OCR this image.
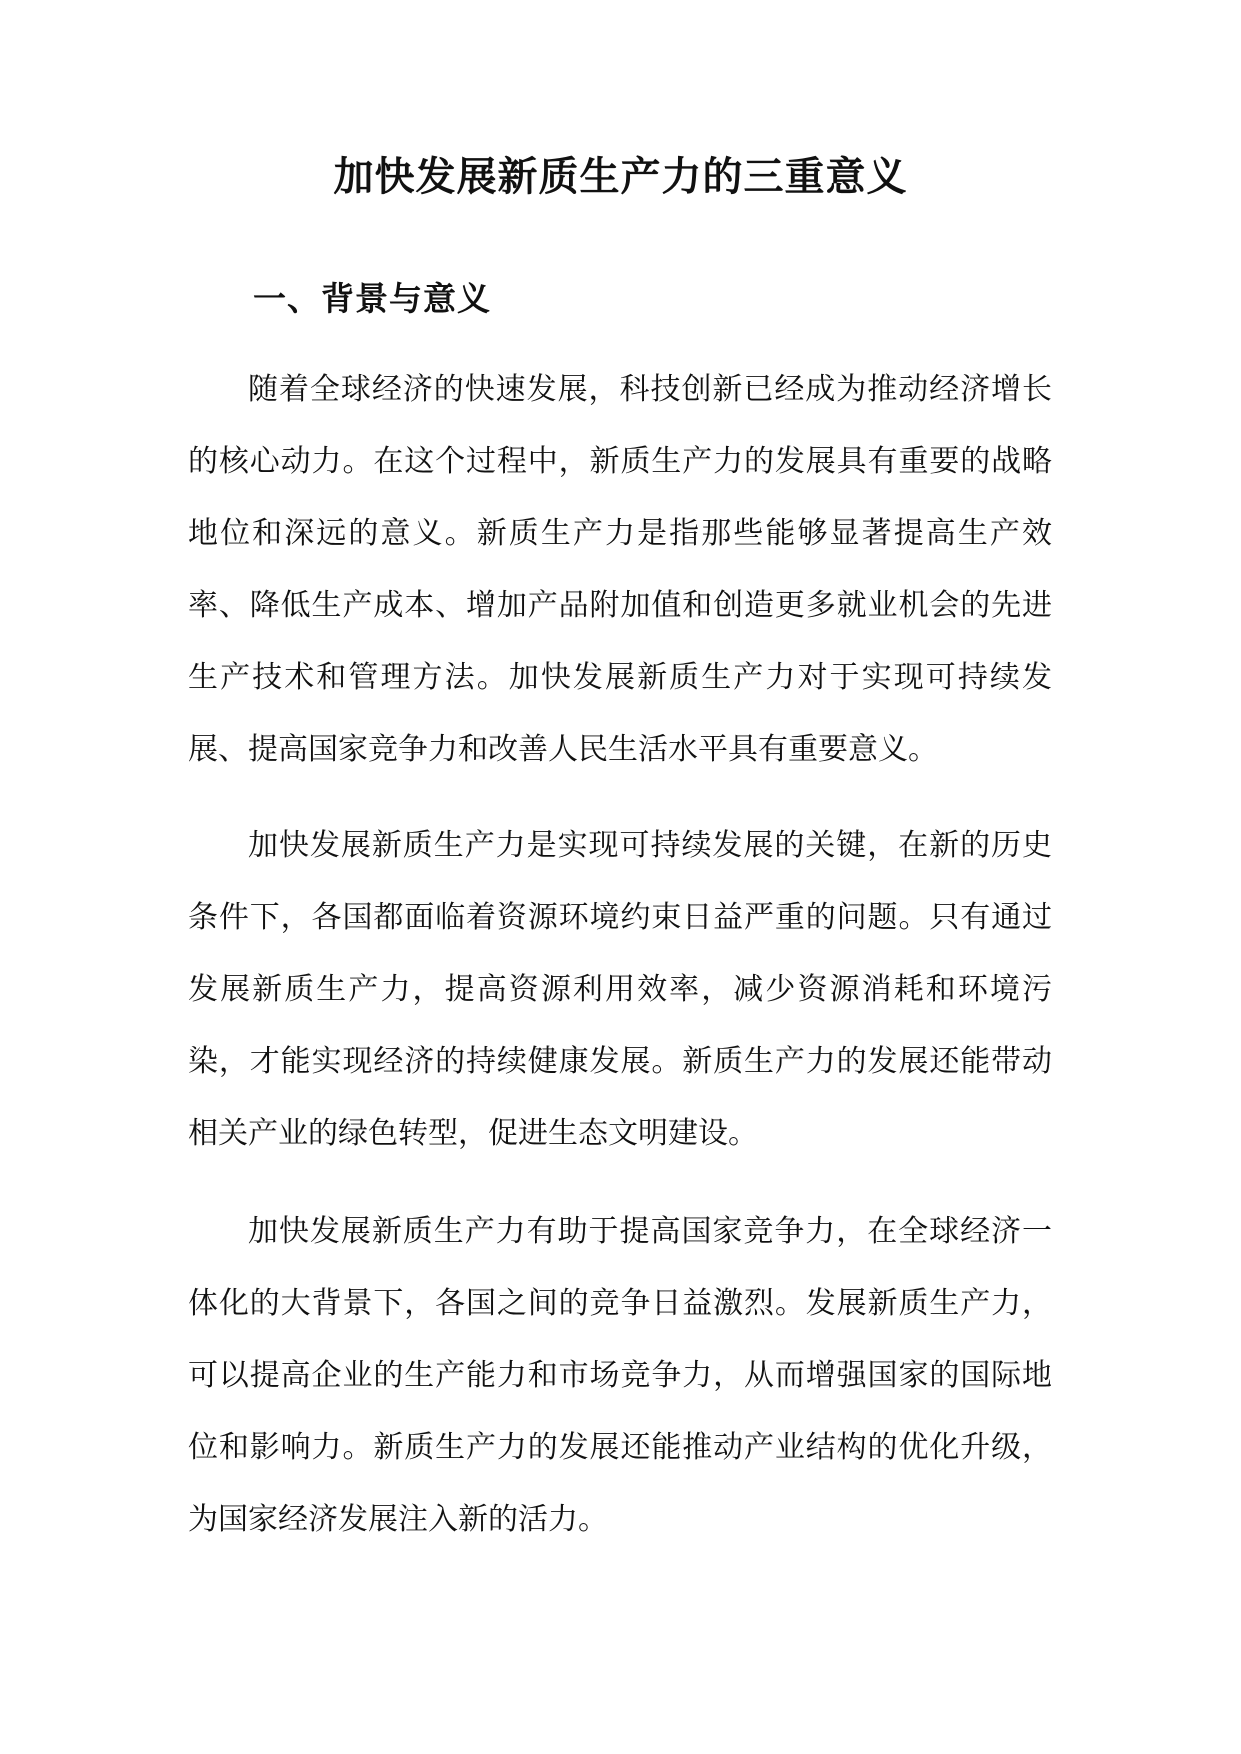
加快发展新质生产力的三重意义
一、背景与意义

随着全球经济的快速发展，科技创新已经成为推动经济增长的核心动力。在这个过程中，新质生产力的发展具有重要的战略地位和深远的意义。新质生产力是指那些能够显著提高生产效率、降低生产成本、增加产品附加值和创造更多就业机会的先进生产技术和管理方法。加快发展新质生产力对于实现可持续发展、提高国家竞争力和改善人民生活水平具有重要意义。

加快发展新质生产力是实现可持续发展的关键，在新的历史条件下，各国都面临着资源环境约束日益严重的问题。只有通过发展新质生产力，提高资源利用效率，减少资源消耗和环境污染，才能实现经济的持续健康发展。新质生产力的发展还能带动相关产业的绿色转型，促进生态文明建设。

加快发展新质生产力有助于提高国家竞争力，在全球经济一体化的大背景下，各国之间的竞争日益激烈。发展新质生产力，可以提高企业的生产能力和市场竞争力，从而增强国家的国际地位和影响力。新质生产力的发展还能推动产业结构的优化升级，为国家经济发展注入新的活力。
